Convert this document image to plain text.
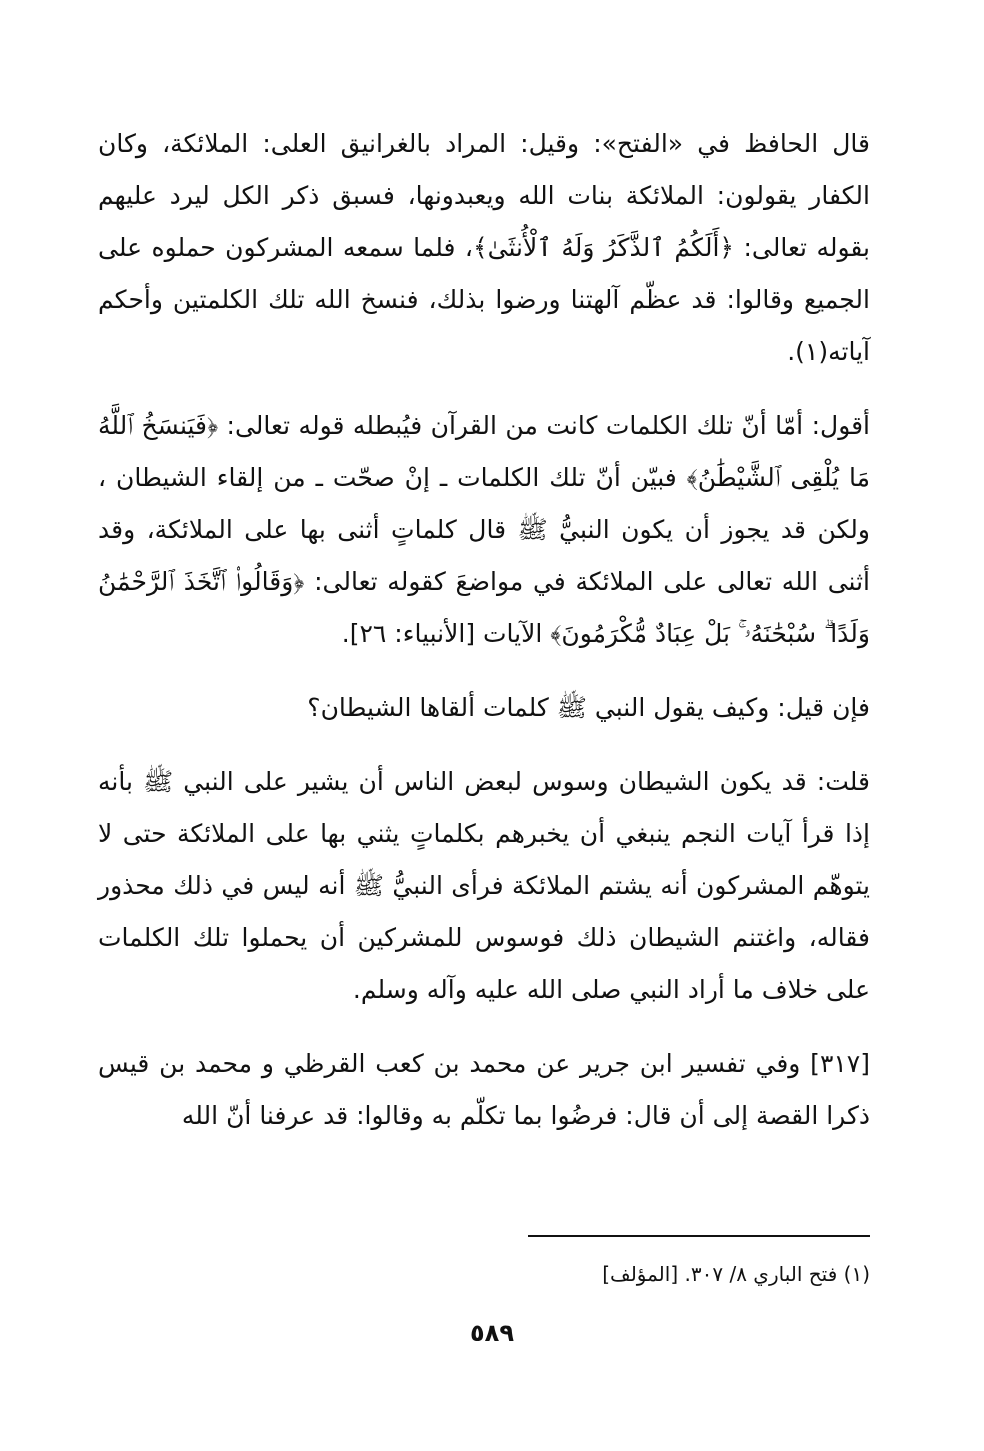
قال الحافظ في «الفتح»: وقيل: المراد بالغرانيق العلى: الملائكة، وكان الكفار يقولون: الملائكة بنات الله ويعبدونها، فسبق ذكر الكل ليرد عليهم بقوله تعالى: ﴿أَلَكُمُ ٱلذَّكَرُ وَلَهُ ٱلْأُنثَىٰ﴾، فلما سمعه المشركون حملوه على الجميع وقالوا: قد عظّم آلهتنا ورضوا بذلك، فنسخ الله تلك الكلمتين وأحكم آياته(١).

أقول: أمّا أنّ تلك الكلمات كانت من القرآن فيُبطله قوله تعالى: ﴿فَيَنسَخُ ٱللَّهُ مَا يُلْقِى ٱلشَّيْطَٰنُ﴾ فبيّن أنّ تلك الكلمات ـ إنْ صحّت ـ من إلقاء الشيطان ، ولكن قد يجوز أن يكون النبيُّ ﷺ قال كلماتٍ أثنى بها على الملائكة، وقد أثنى الله تعالى على الملائكة في مواضعَ كقوله تعالى: ﴿وَقَالُوا۟ ٱتَّخَذَ ٱلرَّحْمَٰنُ وَلَدًا ۗ سُبْحَٰنَهُۥ ۚ بَلْ عِبَادٌ مُّكْرَمُونَ﴾ الآيات [الأنبياء: ٢٦].

فإن قيل: وكيف يقول النبي ﷺ كلمات ألقاها الشيطان؟

قلت: قد يكون الشيطان وسوس لبعض الناس أن يشير على النبي ﷺ بأنه إذا قرأ آيات النجم ينبغي أن يخبرهم بكلماتٍ يثني بها على الملائكة حتى لا يتوهّم المشركون أنه يشتم الملائكة فرأى النبيُّ ﷺ أنه ليس في ذلك محذور فقاله، واغتنم الشيطان ذلك فوسوس للمشركين أن يحملوا تلك الكلمات على خلاف ما أراد النبي صلى الله عليه وآله وسلم.

[٣١٧] وفي تفسير ابن جرير عن محمد بن كعب القرظي و محمد بن قيس ذكرا القصة إلى أن قال: فرضُوا بما تكلّم به وقالوا: قد عرفنا أنّ الله

(١) فتح الباري ٨/ ٣٠٧. [المؤلف]
٥٨٩
